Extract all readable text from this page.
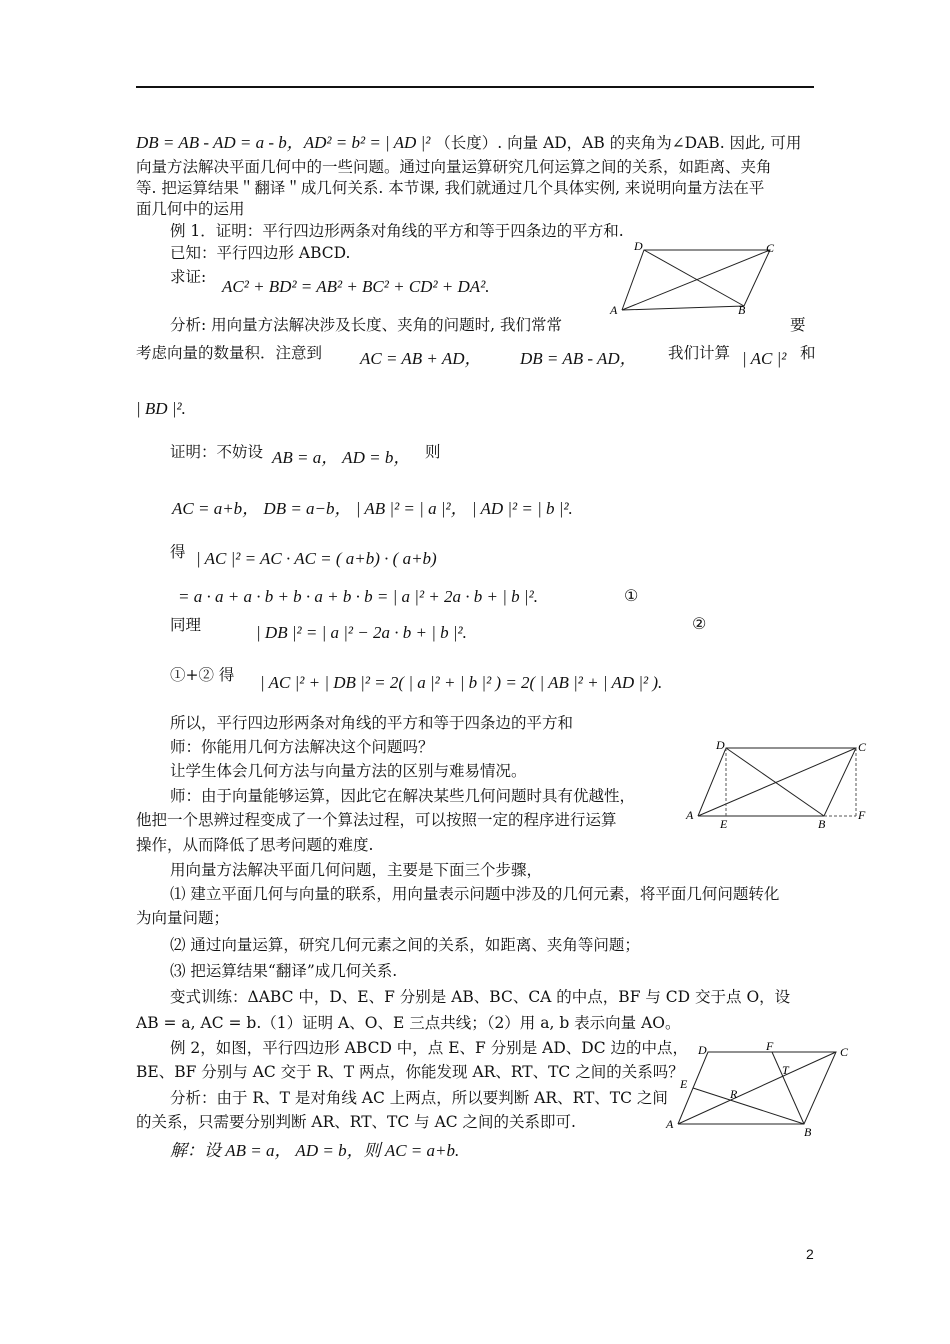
DB = AB - AD = a - b，AD² = b² = | AD |² （长度）. 向量 AD，AB 的夹角为∠DAB. 因此, 可用
向量方法解决平面几何中的一些问题。通过向量运算研究几何运算之间的关系，如距离、夹角
等. 把运算结果＂翻译＂成几何关系. 本节课, 我们就通过几个具体实例, 来说明向量方法在平
面几何中的运用
例 1．证明：平行四边形两条对角线的平方和等于四条边的平方和.
已知：平行四边形 ABCD.
求证: AC² + BD² = AB² + BC² + CD² + DA².
D	C
A	B
分析: 用向量方法解决涉及长度、夹角的问题时, 我们常常	要
考虑向量的数量积．注意到 AC = AB + AD， DB = AB - AD， 我们计算 | AC |² 和
| BD |².
证明：不妨设 AB = a， AD = b， 则
AC = a+b， DB = a−b， | AB |² = | a |²， | AD |² = | b |².
得 | AC |² = AC · AC = ( a+b) · ( a+b)
= a · a + a · b + b · a + b · b = | a |² + 2a · b + | b |².	①
同理	| DB |² = | a |² − 2a · b + | b |².	②
①+② 得 | AC |² + | DB |² = 2( | a |² + | b |² ) = 2( | AB |² + | AD |² ).
所以，平行四边形两条对角线的平方和等于四条边的平方和
师：你能用几何方法解决这个问题吗？
让学生体会几何方法与向量方法的区别与难易情况。
师：由于向量能够运算，因此它在解决某些几何问题时具有优越性，
他把一个思辨过程变成了一个算法过程，可以按照一定的程序进行运算
操作，从而降低了思考问题的难度.
D	C
A
E	B
F
用向量方法解决平面几何问题，主要是下面三个步骤，
⑴ 建立平面几何与向量的联系，用向量表示问题中涉及的几何元素，将平面几何问题转化
为向量问题；
⑵ 通过向量运算，研究几何元素之间的关系，如距离、夹角等问题；
⑶ 把运算结果“翻译”成几何关系.
变式训练：ΔABC 中，D、E、F 分别是 AB、BC、CA 的中点，BF 与 CD 交于点 O，设
AB = a, AC = b.（1）证明 A、O、E 三点共线；（2）用 a, b 表示向量 AO。
例 2，如图，平行四边形 ABCD 中，点 E、F 分别是 AD、DC 边的中点，
BE、BF 分别与 AC 交于 R、T 两点，你能发现 AR、RT、TC 之间的关系吗？
分析：由于 R、T 是对角线 AC 上两点，所以要判断 AR、RT、TC 之间
的关系，只需要分别判断 AR、RT、TC 与 AC 之间的关系即可.
解：设 AB = a， AD = b，则 AC = a+b.
D	F	C
T
E
R
A
B
2
